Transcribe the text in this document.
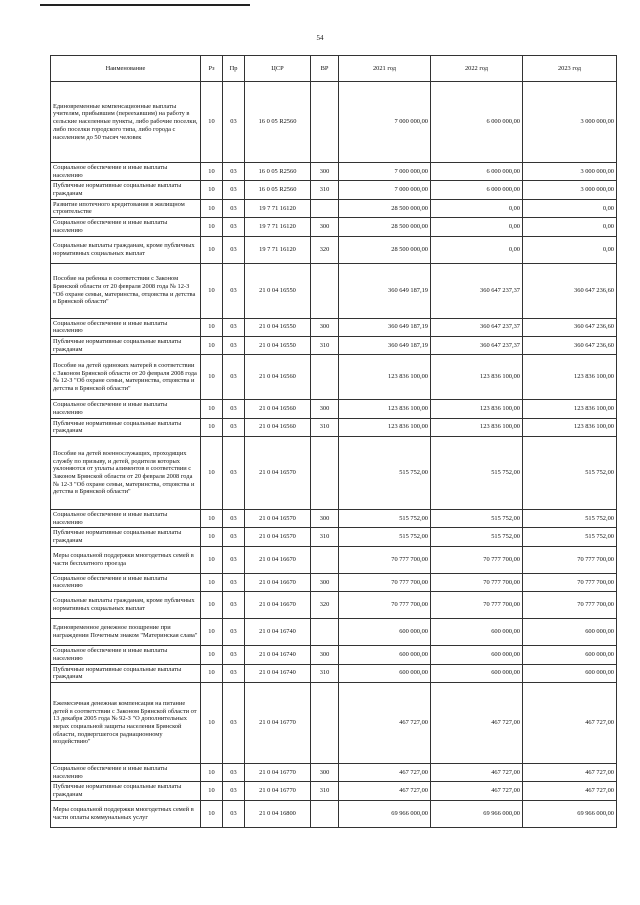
54
Наименование	Рз	Пр	ЦСР	ВР	2021 год	2022 год	2023 год
Единовременные компенсационные выплаты учителям, прибывшим (переехавшим) на работу в сельские населенные пункты, либо рабочие поселки, либо поселки городского типа, либо города с населением до 50 тысяч человек	10	03	16 0 05 R2560		7 000 000,00	6 000 000,00	3 000 000,00
Социальное обеспечение и иные выплаты населению	10	03	16 0 05 R2560	300	7 000 000,00	6 000 000,00	3 000 000,00
Публичные нормативные социальные выплаты гражданам	10	03	16 0 05 R2560	310	7 000 000,00	6 000 000,00	3 000 000,00
Развитие ипотечного кредитования в жилищном строительстве	10	03	19 7 71 16120		28 500 000,00	0,00	0,00
Социальное обеспечение и иные выплаты населению	10	03	19 7 71 16120	300	28 500 000,00	0,00	0,00
Социальные выплаты гражданам, кроме публичных нормативных социальных выплат	10	03	19 7 71 16120	320	28 500 000,00	0,00	0,00
Пособие на ребенка в соответствии с Законом Брянской области от 20 февраля 2008 года № 12-З "Об охране семьи, материнства, отцовства и детства в Брянской области"	10	03	21 0 04 16550		360 649 187,19	360 647 237,37	360 647 236,60
Социальное обеспечение и иные выплаты населению	10	03	21 0 04 16550	300	360 649 187,19	360 647 237,37	360 647 236,60
Публичные нормативные социальные выплаты гражданам	10	03	21 0 04 16550	310	360 649 187,19	360 647 237,37	360 647 236,60
Пособие на детей одиноких матерей в соответствии с Законом Брянской области от 20 февраля 2008 года № 12-З "Об охране семьи, материнства, отцовства и детства в Брянской области"	10	03	21 0 04 16560		123 836 100,00	123 836 100,00	123 836 100,00
Социальное обеспечение и иные выплаты населению	10	03	21 0 04 16560	300	123 836 100,00	123 836 100,00	123 836 100,00
Публичные нормативные социальные выплаты гражданам	10	03	21 0 04 16560	310	123 836 100,00	123 836 100,00	123 836 100,00
Пособие на детей военнослужащих, проходящих службу по призыву, и детей, родителя которых уклоняются от уплаты алиментов в соответствии с Законом Брянской области от 20 февраля 2008 года № 12-З "Об охране семьи, материнства, отцовства и детства в Брянской области"	10	03	21 0 04 16570		515 752,00	515 752,00	515 752,00
Социальное обеспечение и иные выплаты населению	10	03	21 0 04 16570	300	515 752,00	515 752,00	515 752,00
Публичные нормативные социальные выплаты гражданам	10	03	21 0 04 16570	310	515 752,00	515 752,00	515 752,00
Меры социальной поддержки многодетных семей в части бесплатного проезда	10	03	21 0 04 16670		70 777 700,00	70 777 700,00	70 777 700,00
Социальное обеспечение и иные выплаты населению	10	03	21 0 04 16670	300	70 777 700,00	70 777 700,00	70 777 700,00
Социальные выплаты гражданам, кроме публичных нормативных социальных выплат	10	03	21 0 04 16670	320	70 777 700,00	70 777 700,00	70 777 700,00
Единовременное денежное поощрение при награждении Почетным знаком "Материнская слава"	10	03	21 0 04 16740		600 000,00	600 000,00	600 000,00
Социальное обеспечение и иные выплаты населению	10	03	21 0 04 16740	300	600 000,00	600 000,00	600 000,00
Публичные нормативные социальные выплаты гражданам	10	03	21 0 04 16740	310	600 000,00	600 000,00	600 000,00
Ежемесячная денежная компенсация на питание детей в соответствии с Законом Брянской области от 13 декабря 2005 года № 92-З "О дополнительных мерах социальной защиты населения Брянской области, подвергшегося радиационному воздействию"	10	03	21 0 04 16770		467 727,00	467 727,00	467 727,00
Социальное обеспечение и иные выплаты населению	10	03	21 0 04 16770	300	467 727,00	467 727,00	467 727,00
Публичные нормативные социальные выплаты гражданам	10	03	21 0 04 16770	310	467 727,00	467 727,00	467 727,00
Меры социальной поддержки многодетных семей в части оплаты коммунальных услуг	10	03	21 0 04 16800		69 966 000,00	69 966 000,00	69 966 000,00
